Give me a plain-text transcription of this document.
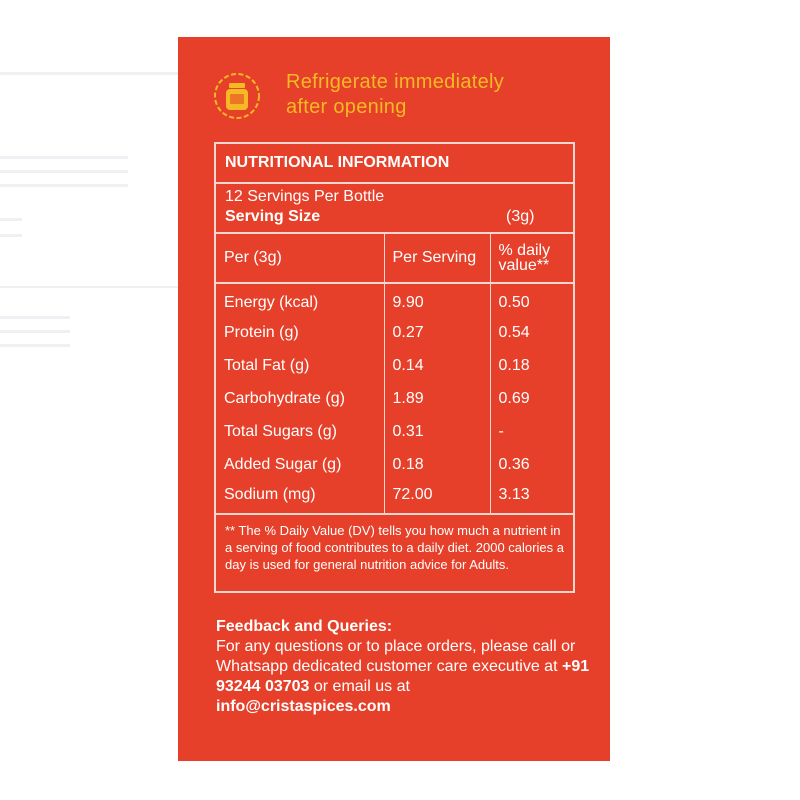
Refrigerate immediately
after opening
NUTRITIONAL INFORMATION
12 Servings Per Bottle
Serving Size	(3g)
Per (3g)	Per Serving	% daily value**
Energy (kcal)	9.90	0.50
Protein (g)	0.27	0.54
Total Fat (g)	0.14	0.18
Carbohydrate (g)	1.89	0.69
Total Sugars (g)	0.31	-
Added Sugar (g)	0.18	0.36
Sodium (mg)	72.00	3.13
** The % Daily Value (DV) tells you how much a nutrient in a serving of food contributes to a daily diet. 2000 calories a day is used for general nutrition advice for Adults.
Feedback and Queries:
For any questions or to place orders, please call or Whatsapp dedicated customer care executive at +91 93244 03703 or email us at
info@cristaspices.com
